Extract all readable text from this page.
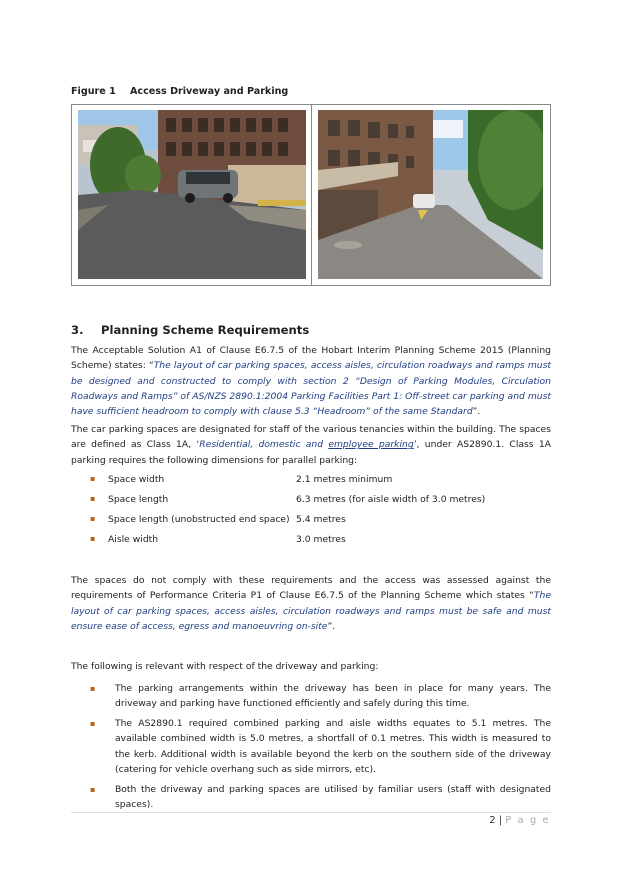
Figure 1 Access Driveway and Parking
3. Planning Scheme Requirements

The Acceptable Solution A1 of Clause E6.7.5 of the Hobart Interim Planning Scheme 2015 (Planning Scheme) states: “The layout of car parking spaces, access aisles, circulation roadways and ramps must be designed and constructed to comply with section 2 “Design of Parking Modules, Circulation Roadways and Ramps” of AS/NZS 2890.1:2004 Parking Facilities Part 1: Off-street car parking and must have sufficient headroom to comply with clause 5.3 “Headroom” of the same Standard”.

The car parking spaces are designated for staff of the various tenancies within the building. The spaces are defined as Class 1A, ‘Residential, domestic and employee parking’, under AS2890.1. Class 1A parking requires the following dimensions for parallel parking:

▪ Space width	2.1 metres minimum
▪ Space length	6.3 metres (for aisle width of 3.0 metres)
▪ Space length (unobstructed end space) 5.4 metres
▪ Aisle width	3.0 metres

The spaces do not comply with these requirements and the access was assessed against the requirements of Performance Criteria P1 of Clause E6.7.5 of the Planning Scheme which states “The layout of car parking spaces, access aisles, circulation roadways and ramps must be safe and must ensure ease of access, egress and manoeuvring on-site”.

The following is relevant with respect of the driveway and parking:

▪ The parking arrangements within the driveway has been in place for many years. The driveway and parking have functioned efficiently and safely during this time.
▪ The AS2890.1 required combined parking and aisle widths equates to 5.1 metres. The available combined width is 5.0 metres, a shortfall of 0.1 metres. This width is measured to the kerb. Additional width is available beyond the kerb on the southern side of the driveway (catering for vehicle overhang such as side mirrors, etc).
▪ Both the driveway and parking spaces are utilised by familiar users (staff with designated spaces).
2 | P a g e
